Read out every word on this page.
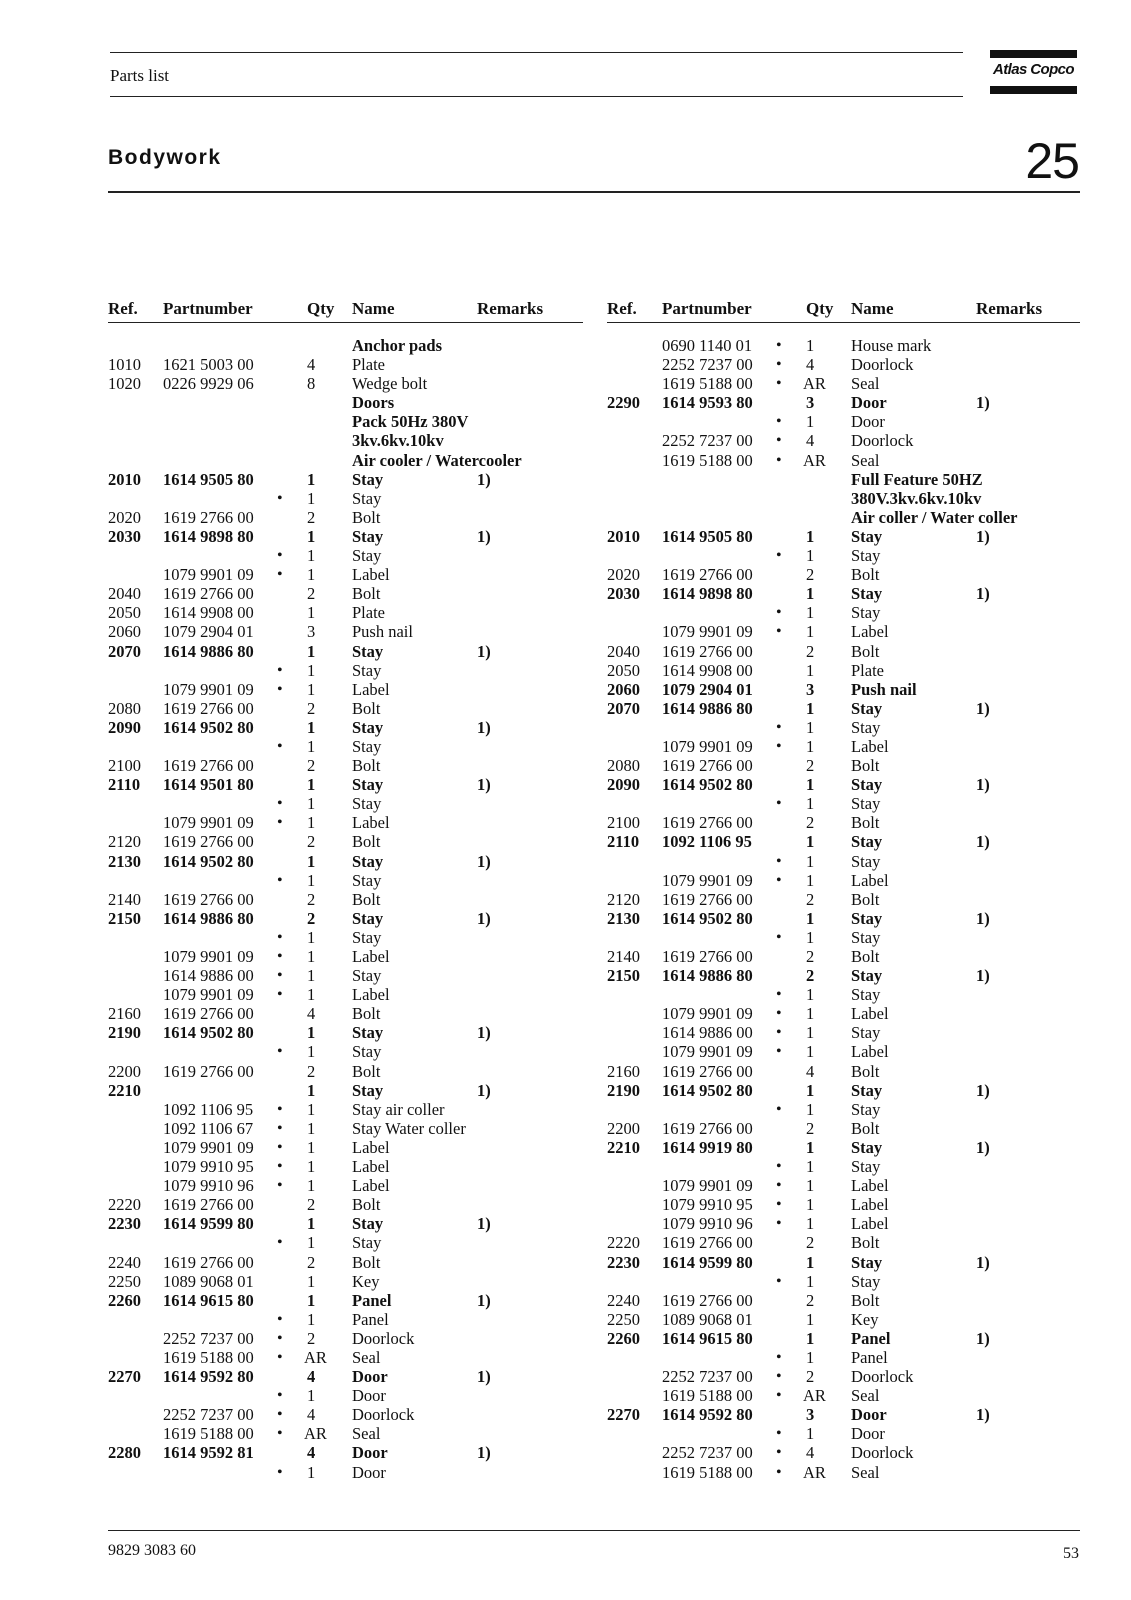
Parts list	Atlas Copco
Bodywork	25
Ref. Partnumber	Qty Name	Remarks
Anchor pads
1010 1621 5003 00	4 Plate
1020 0226 9929 06	8 Wedge bolt
Doors
Pack 50Hz 380V
3kv.6kv.10kv
Air cooler / Watercooler
2010 1614 9505 80	1 Stay	1)
• 1 Stay
2020 1619 2766 00	2 Bolt
2030 1614 9898 80	1 Stay	1)
• 1 Stay
1079 9901 09 • 1 Label
2040 1619 2766 00	2 Bolt
2050 1614 9908 00	1 Plate
2060 1079 2904 01	3 Push nail
2070 1614 9886 80	1 Stay	1)
• 1 Stay
1079 9901 09 • 1 Label
2080 1619 2766 00	2 Bolt
2090 1614 9502 80	1 Stay	1)
• 1 Stay
2100 1619 2766 00	2 Bolt
2110 1614 9501 80	1 Stay	1)
• 1 Stay
1079 9901 09 • 1 Label
2120 1619 2766 00	2 Bolt
2130 1614 9502 80	1 Stay	1)
• 1 Stay
2140 1619 2766 00	2 Bolt
2150 1614 9886 80	2 Stay	1)
• 1 Stay
1079 9901 09 • 1 Label
1614 9886 00 • 1 Stay
1079 9901 09 • 1 Label
2160 1619 2766 00	4 Bolt
2190 1614 9502 80	1 Stay	1)
• 1 Stay
2200 1619 2766 00	2 Bolt
2210	1 Stay	1)
1092 1106 95 • 1 Stay air coller
1092 1106 67 • 1 Stay Water coller
1079 9901 09 • 1 Label
1079 9910 95 • 1 Label
1079 9910 96 • 1 Label
2220 1619 2766 00	2 Bolt
2230 1614 9599 80	1 Stay	1)
• 1 Stay
2240 1619 2766 00	2 Bolt
2250 1089 9068 01	1 Key
2260 1614 9615 80	1 Panel	1)
• 1 Panel
2252 7237 00 • 2 Doorlock
1619 5188 00 • AR Seal
2270 1614 9592 80	4 Door	1)
• 1 Door
2252 7237 00 • 4 Doorlock
1619 5188 00 • AR Seal
2280 1614 9592 81	4 Door	1)
• 1 Door
Ref. Partnumber	Qty Name	Remarks
0690 1140 01 • 1 House mark
2252 7237 00 • 4 Doorlock
1619 5188 00 • AR Seal
2290 1614 9593 80	3 Door	1)
• 1 Door
2252 7237 00 • 4 Doorlock
1619 5188 00 • AR Seal
Full Feature 50HZ
380V.3kv.6kv.10kv
Air coller / Water coller
2010 1614 9505 80	1 Stay	1)
• 1 Stay
2020 1619 2766 00	2 Bolt
2030 1614 9898 80	1 Stay	1)
• 1 Stay
1079 9901 09 • 1 Label
2040 1619 2766 00	2 Bolt
2050 1614 9908 00	1 Plate
2060 1079 2904 01	3 Push nail
2070 1614 9886 80	1 Stay	1)
• 1 Stay
1079 9901 09 • 1 Label
2080 1619 2766 00	2 Bolt
2090 1614 9502 80	1 Stay	1)
• 1 Stay
2100 1619 2766 00	2 Bolt
2110 1092 1106 95	1 Stay	1)
• 1 Stay
1079 9901 09 • 1 Label
2120 1619 2766 00	2 Bolt
2130 1614 9502 80	1 Stay	1)
• 1 Stay
2140 1619 2766 00	2 Bolt
2150 1614 9886 80	2 Stay	1)
• 1 Stay
1079 9901 09 • 1 Label
1614 9886 00 • 1 Stay
1079 9901 09 • 1 Label
2160 1619 2766 00	4 Bolt
2190 1614 9502 80	1 Stay	1)
• 1 Stay
2200 1619 2766 00	2 Bolt
2210 1614 9919 80	1 Stay	1)
• 1 Stay
1079 9901 09 • 1 Label
1079 9910 95 • 1 Label
1079 9910 96 • 1 Label
2220 1619 2766 00	2 Bolt
2230 1614 9599 80	1 Stay	1)
• 1 Stay
2240 1619 2766 00	2 Bolt
2250 1089 9068 01	1 Key
2260 1614 9615 80	1 Panel	1)
• 1 Panel
2252 7237 00 • 2 Doorlock
1619 5188 00 • AR Seal
2270 1614 9592 80	3 Door	1)
• 1 Door
2252 7237 00 • 4 Doorlock
1619 5188 00 • AR Seal
9829 3083 60	53
